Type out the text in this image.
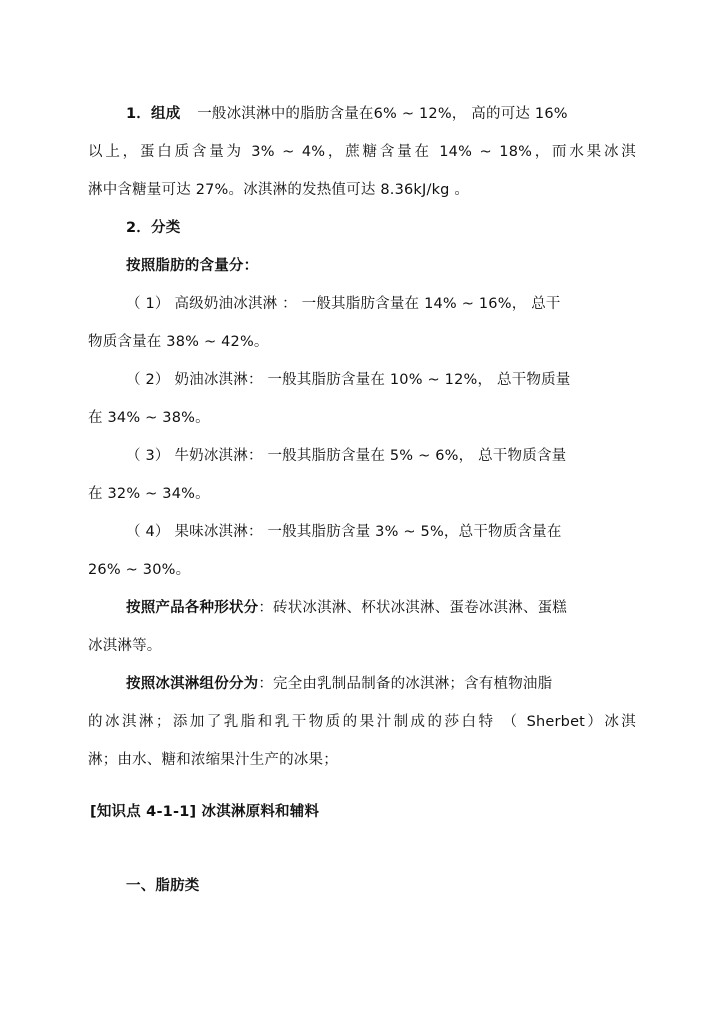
1．组成 一般冰淇淋中的脂肪含量在6% ~ 12%， 高的可达 16%
以上，蛋白质含量为 3% ~ 4%，蔗糖含量在 14% ~ 18%，而水果冰淇
淋中含糖量可达 27%。冰淇淋的发热值可达 8.36kJ/kg 。
2．分类
按照脂肪的含量分：
（ 1） 高级奶油冰淇淋 ： 一般其脂肪含量在 14% ~ 16%， 总干
物质含量在 38% ~ 42%。
（ 2） 奶油冰淇淋： 一般其脂肪含量在 10% ~ 12%， 总干物质量
在 34% ~ 38%。
（ 3） 牛奶冰淇淋： 一般其脂肪含量在 5% ~ 6%， 总干物质含量
在 32% ~ 34%。
（ 4） 果味冰淇淋： 一般其脂肪含量 3% ~ 5%，总干物质含量在
26% ~ 30%。
按照产品各种形状分：砖状冰淇淋、杯状冰淇淋、蛋卷冰淇淋、蛋糕
冰淇淋等。
按照冰淇淋组份分为：完全由乳制品制备的冰淇淋；含有植物油脂
的冰淇淋；添加了乳脂和乳干物质的果汁制成的莎白特 （ Sherbet）冰淇
淋；由水、糖和浓缩果汁生产的冰果；
[知识点 4-1-1] 冰淇淋原料和辅料
一、脂肪类
